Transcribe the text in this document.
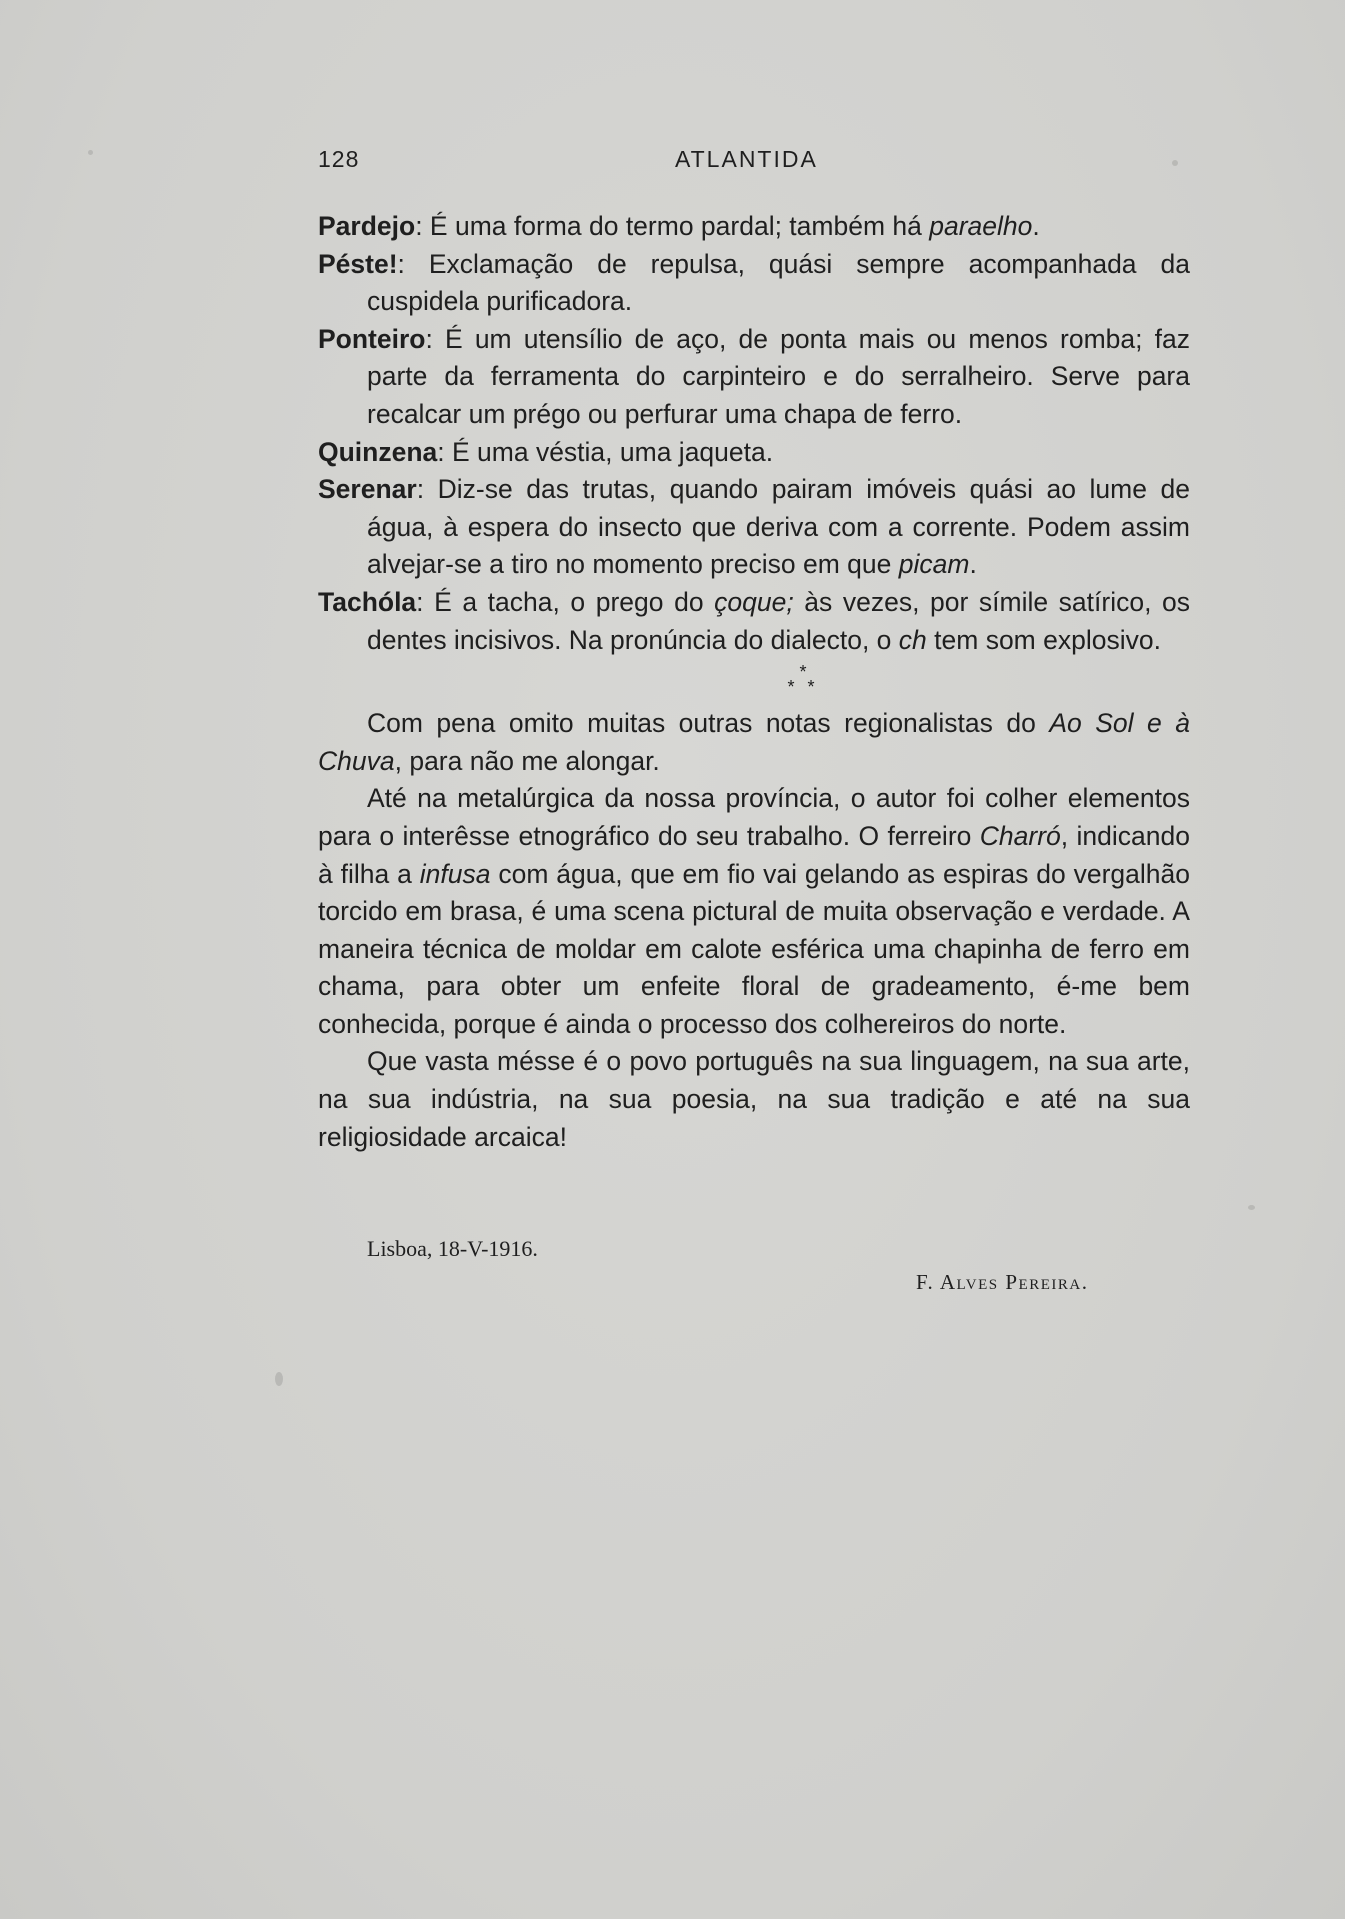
128	ATLANTIDA

Pardejo: É uma forma do termo pardal; também há paraelho.

Péste!: Exclamação de repulsa, quási sempre acompanhada da cuspidela purificadora.

Ponteiro: É um utensílio de aço, de ponta mais ou menos romba; faz parte da ferramenta do carpinteiro e do serralheiro. Serve para recalcar um prégo ou perfurar uma chapa de ferro.

Quinzena: É uma véstia, uma jaqueta.

Serenar: Diz-se das trutas, quando pairam imóveis quási ao lume de água, à espera do insecto que deriva com a corrente. Podem assim alvejar-se a tiro no momento preciso em que picam.

Tachóla: É a tacha, o prego do çoque; às vezes, por símile satírico, os dentes incisivos. Na pronúncia do dialecto, o ch tem som explosivo.

*
* *

Com pena omito muitas outras notas regionalistas do Ao Sol e à Chuva, para não me alongar.

Até na metalúrgica da nossa província, o autor foi colher elementos para o interêsse etnográfico do seu trabalho. O ferreiro Charró, indicando à filha a infusa com água, que em fio vai gelando as espiras do vergalhão torcido em brasa, é uma scena pictural de muita observação e verdade. A maneira técnica de moldar em calote esférica uma chapinha de ferro em chama, para obter um enfeite floral de gradeamento, é-me bem conhecida, porque é ainda o processo dos colhereiros do norte.

Que vasta mésse é o povo português na sua linguagem, na sua arte, na sua indústria, na sua poesia, na sua tradição e até na sua religiosidade arcaica!

Lisboa, 18-V-1916.
F. Alves Pereira.
